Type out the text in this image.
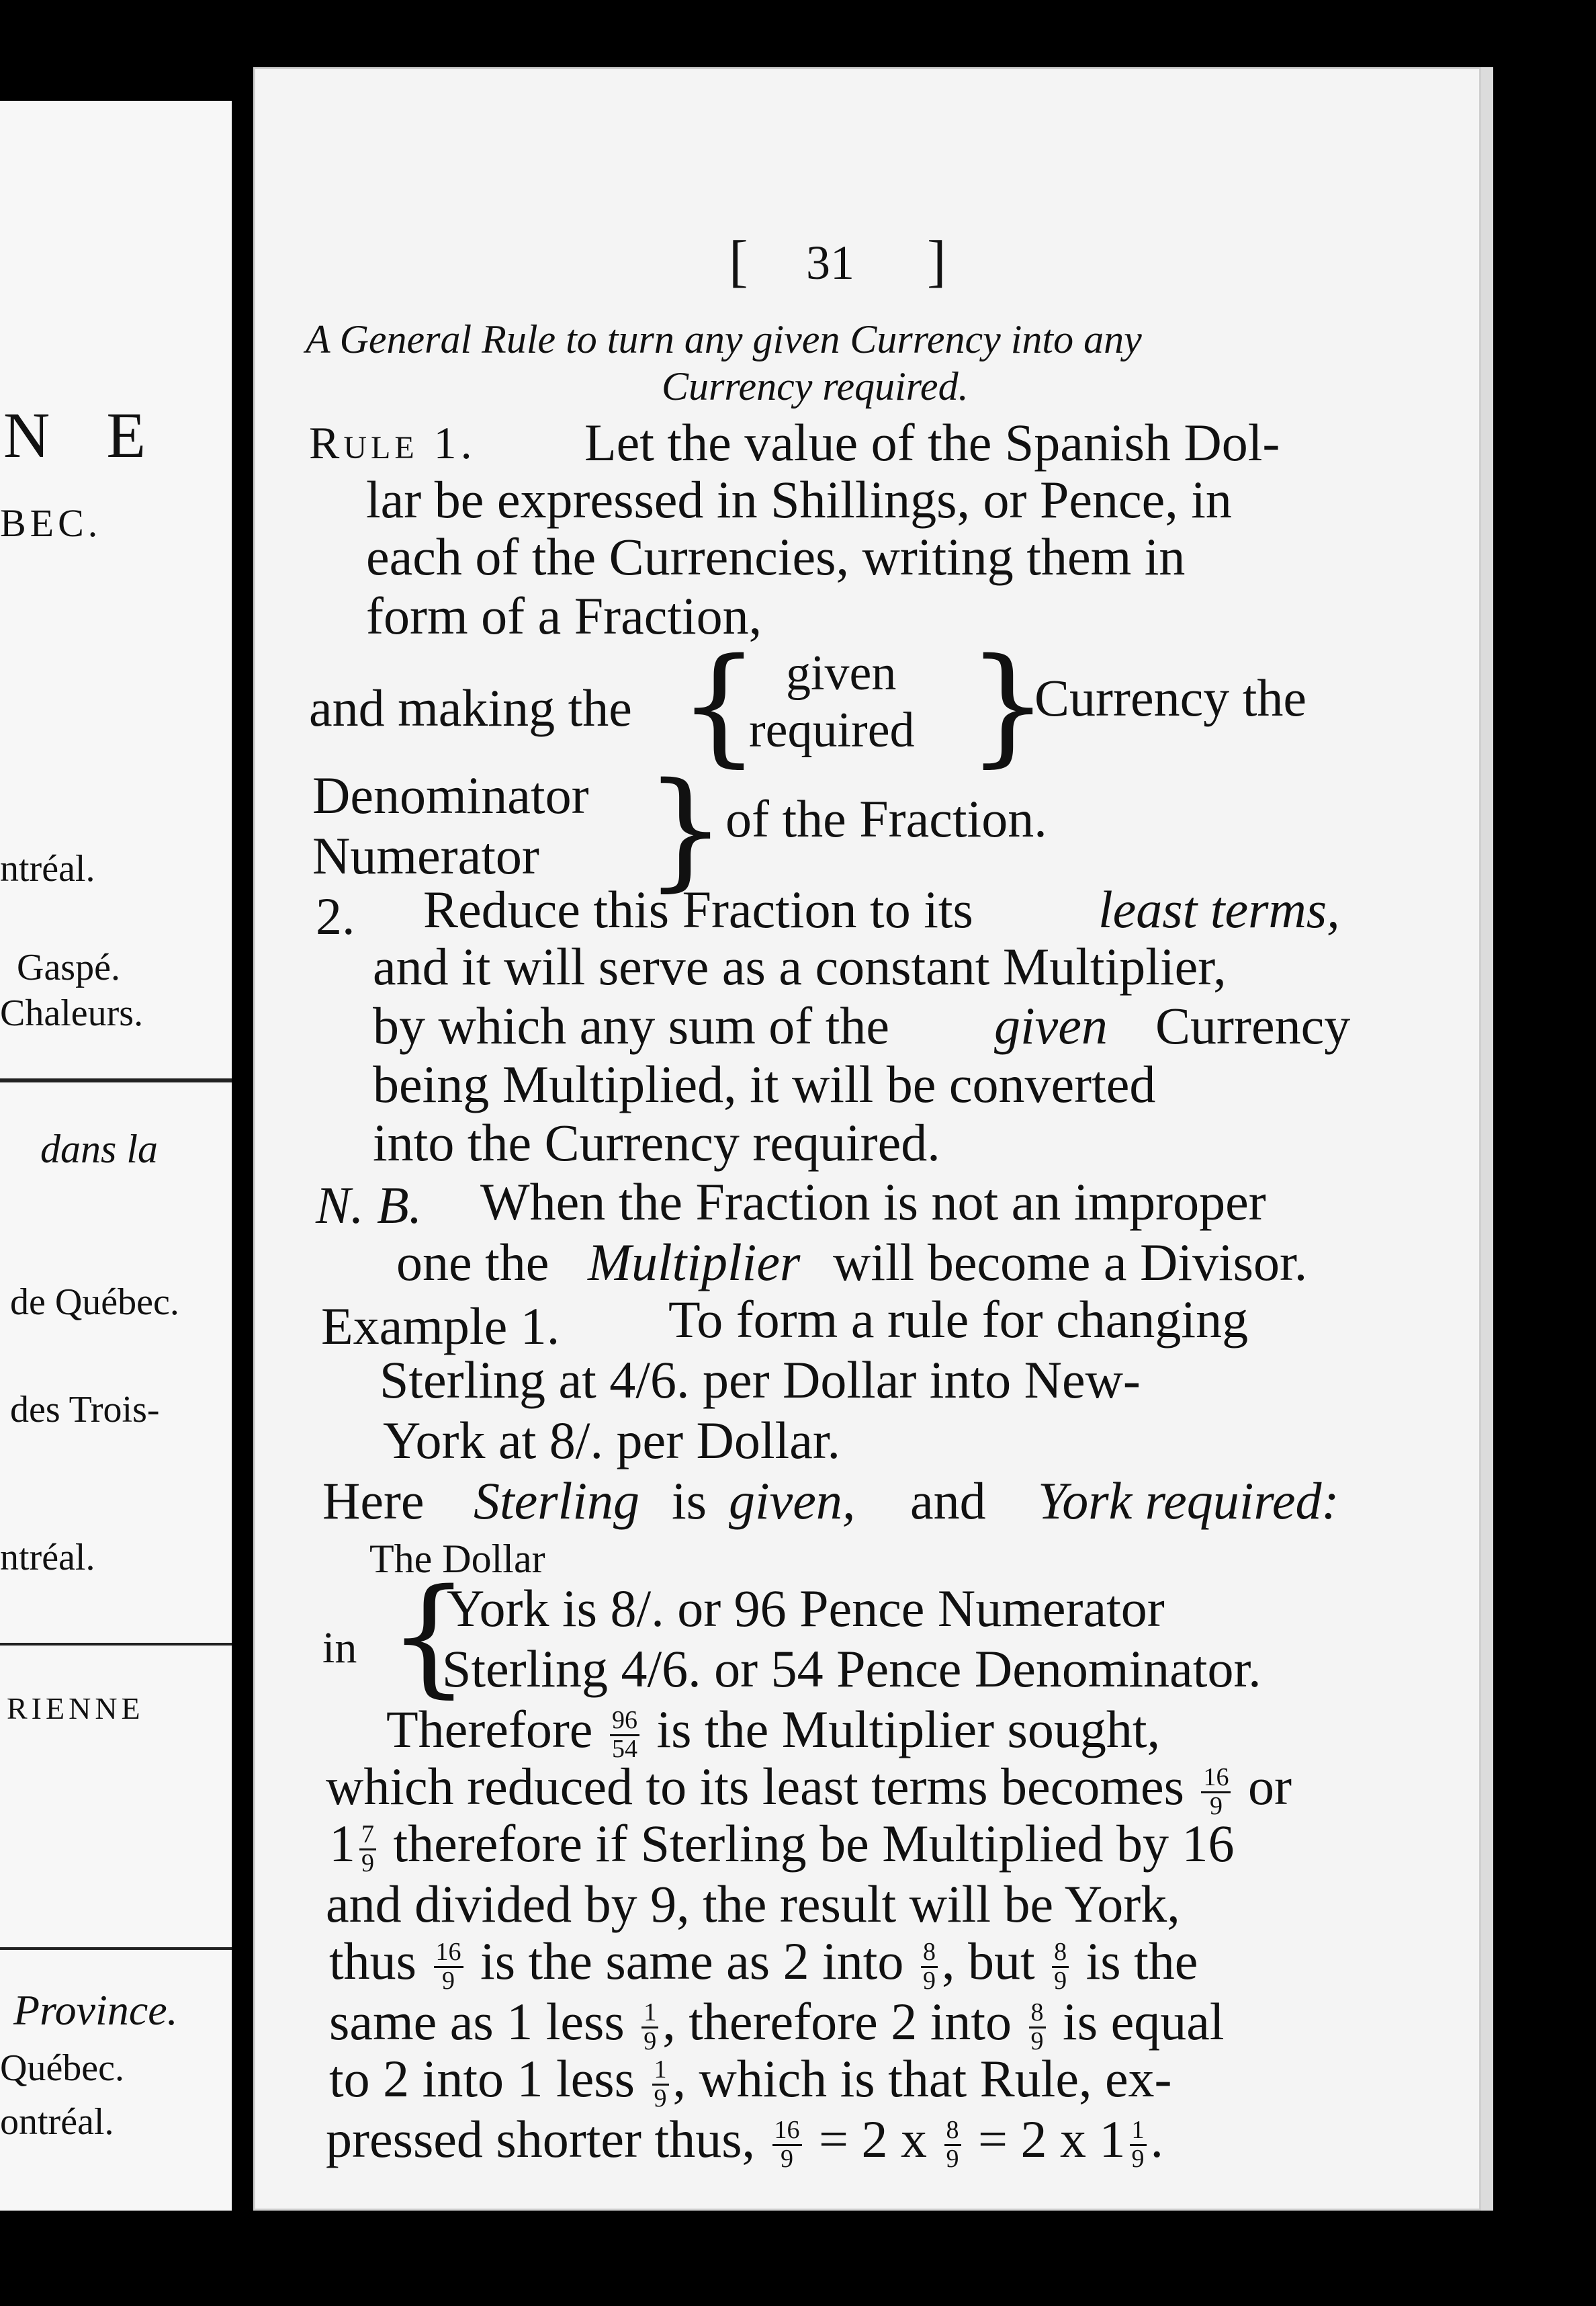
N E
BEC.
ntréal.
Gaspé.
Chaleurs.
dans la
de Québec.
des Trois-
ntréal.
RIENNE
Province.
Québec.
ontréal.
[ 31 ]
A General Rule to turn any given Currency into any
Currency required.
Rule 1. Let the value of the Spanish Dol-
lar be expressed in Shillings, or Pence, in
each of the Currencies, writing them in
form of a Fraction,
and making the { given
required }
Currency the
Denominator
Numerator } of the Fraction.
2. Reduce this Fraction to its least terms,
and it will serve as a constant Multiplier,
by which any sum of the given Currency
being Multiplied, it will be converted
into the Currency required.
N. B. When the Fraction is not an improper
one the Multiplier will become a Divisor.
Example 1. To form a rule for changing
Sterling at 4/6. per Dollar into New-
York at 8/. per Dollar.
Here Sterling is given, and York required:
The Dollar
in {
York is 8/. or 96 Pence Numerator
Sterling 4/6. or 54 Pence Denominator.
Therefore $\frac{96}{54}$ is the Multiplier sought,
which reduced to its least terms becomes $\frac{16}{9}$ or
$1 \frac{7}{9}$ therefore if Sterling be Multiplied by 16
and divided by 9, the result will be York,
thus $\frac{16}{9}$ is the same as 2 into $\frac{8}{9}$ , but $\frac{8}{9}$ is the
same as 1 less $\frac{1}{9}$ , therefore 2 into $\frac{8}{9}$ is equal
to 2 into 1 less $\frac{1}{9}$ , which is that Rule, ex-
pressed shorter thus, $\frac{16}{9} = 2$ x $\frac{8}{9} = 2$ x $1 \frac{1}{9}$ .
